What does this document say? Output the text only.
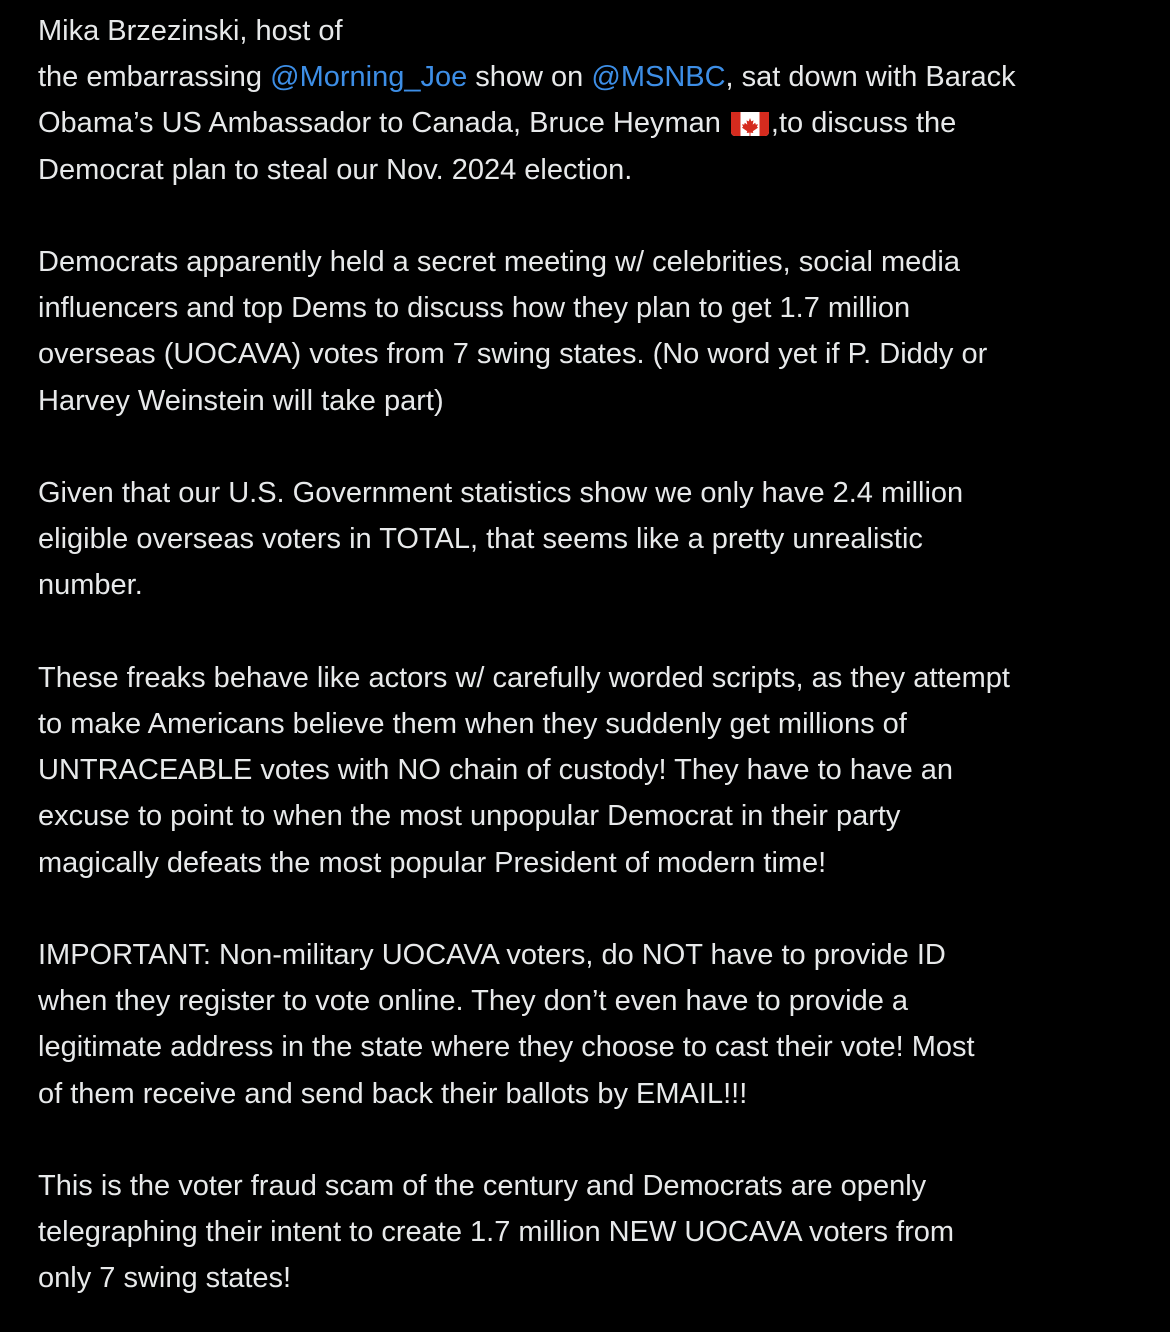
Mika Brzezinski, host of
the embarrassing @Morning_Joe show on @MSNBC, sat down with Barack
Obama’s US Ambassador to Canada, Bruce Heyman ,to discuss the
Democrat plan to steal our Nov. 2024 election.

Democrats apparently held a secret meeting w/ celebrities, social media
influencers and top Dems to discuss how they plan to get 1.7 million
overseas (UOCAVA) votes from 7 swing states. (No word yet if P. Diddy or
Harvey Weinstein will take part)

Given that our U.S. Government statistics show we only have 2.4 million
eligible overseas voters in TOTAL, that seems like a pretty unrealistic
number.

These freaks behave like actors w/ carefully worded scripts, as they attempt
to make Americans believe them when they suddenly get millions of
UNTRACEABLE votes with NO chain of custody! They have to have an
excuse to point to when the most unpopular Democrat in their party
magically defeats the most popular President of modern time!

IMPORTANT: Non-military UOCAVA voters, do NOT have to provide ID
when they register to vote online. They don’t even have to provide a
legitimate address in the state where they choose to cast their vote! Most
of them receive and send back their ballots by EMAIL!!!

This is the voter fraud scam of the century and Democrats are openly
telegraphing their intent to create 1.7 million NEW UOCAVA voters from
only 7 swing states!
